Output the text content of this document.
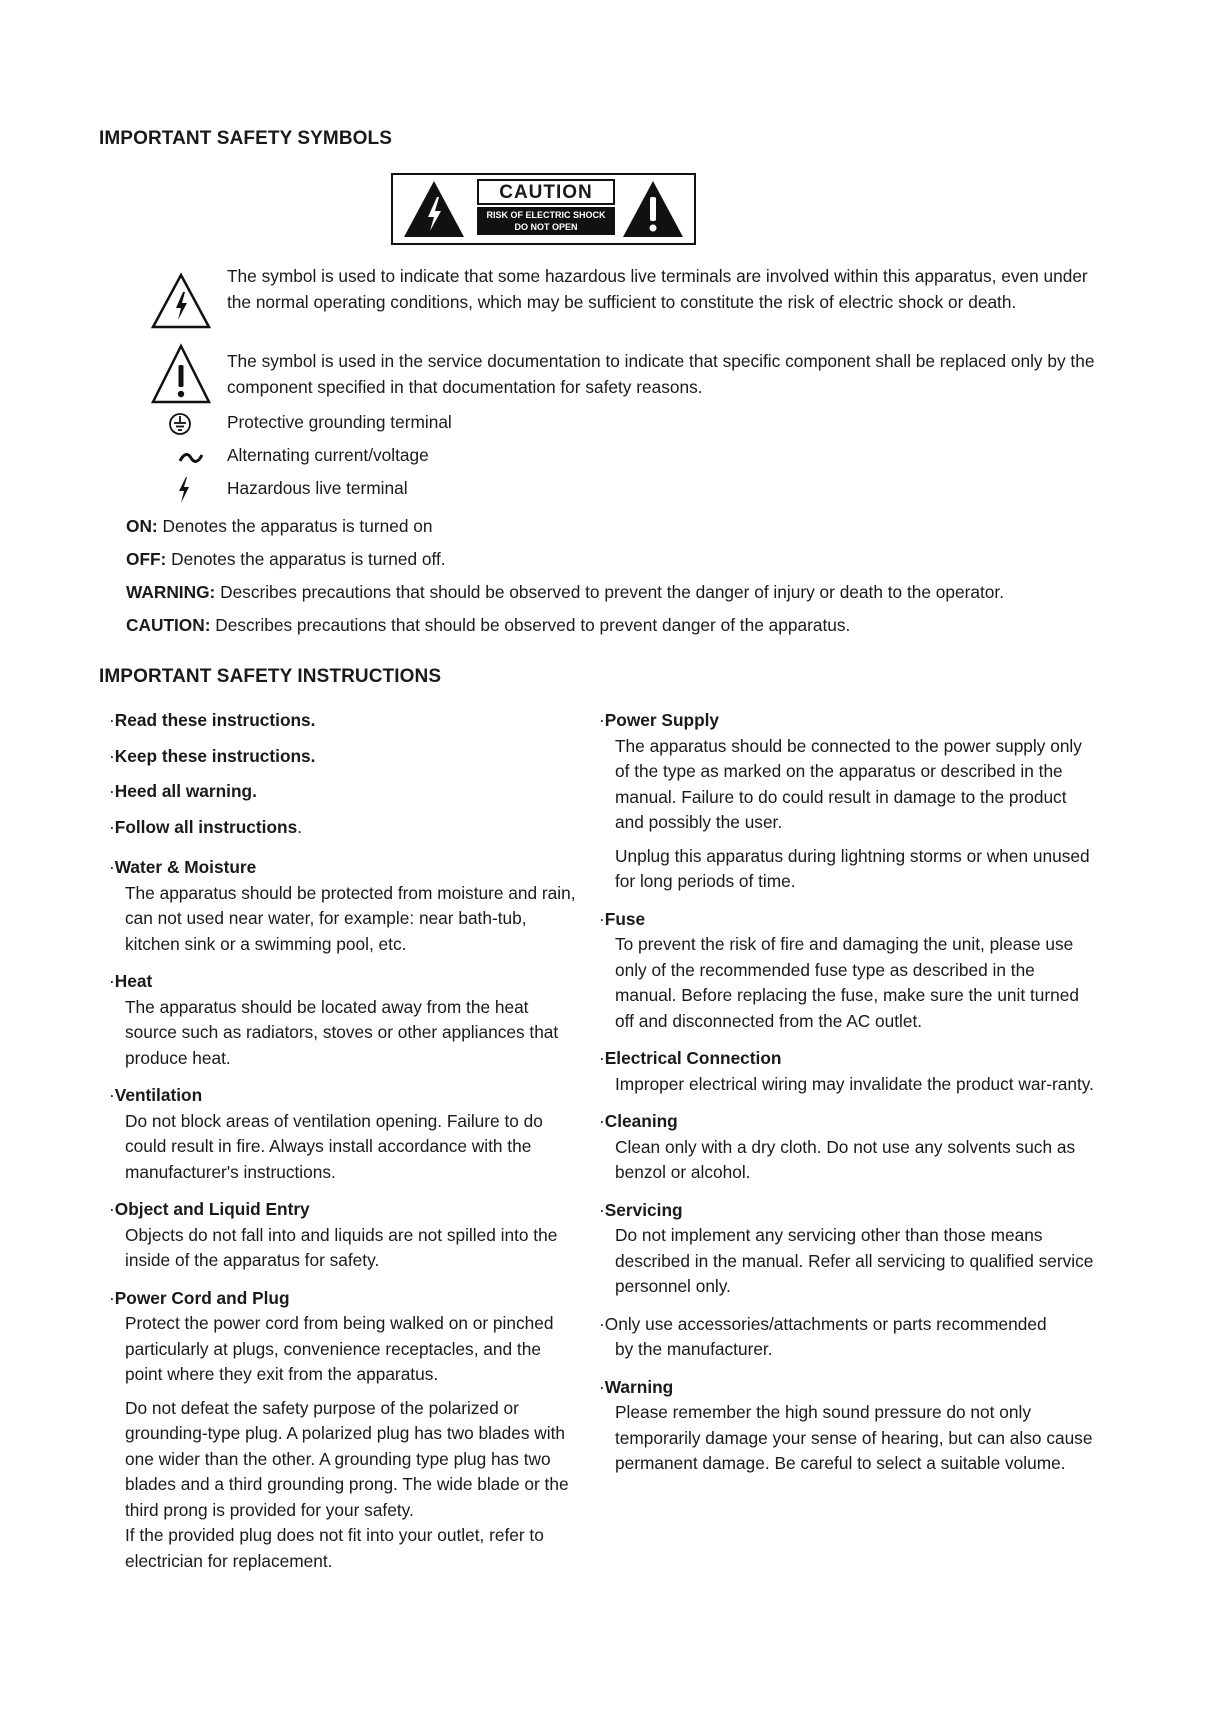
IMPORTANT SAFETY SYMBOLS
CAUTION
RISK OF ELECTRIC SHOCK
DO NOT OPEN
The symbol is used to indicate that some hazardous live terminals are involved within this apparatus, even under the normal operating conditions, which may be sufficient to constitute the risk of electric shock or death.
The symbol is used in the service documentation to indicate that specific component shall be replaced only by the component specified in that documentation for safety reasons.
Protective grounding terminal
Alternating current/voltage
Hazardous live terminal
ON: Denotes the apparatus is turned on
OFF: Denotes the apparatus is turned off.
WARNING: Describes precautions that should be observed to prevent the danger of injury or death to the operator.
CAUTION: Describes precautions that should be observed to prevent danger of the apparatus.
IMPORTANT SAFETY INSTRUCTIONS
·Read these instructions.
·Keep these instructions.
·Heed all warning.
·Follow all instructions.
·Water & Moisture

The apparatus should be protected from moisture and rain, can not used near water, for example: near bath-tub, kitchen sink or a swimming pool, etc.

·Heat

The apparatus should be located away from the heat source such as radiators, stoves or other appliances that produce heat.

·Ventilation

Do not block areas of ventilation opening. Failure to do could result in fire. Always install accordance with the manufacturer's instructions.

·Object and Liquid Entry

Objects do not fall into and liquids are not spilled into the inside of the apparatus for safety.

·Power Cord and Plug

Protect the power cord from being walked on or pinched particularly at plugs, convenience receptacles, and the point where they exit from the apparatus.

Do not defeat the safety purpose of the polarized or grounding-type plug. A polarized plug has two blades with one wider than the other. A grounding type plug has two blades and a third grounding prong. The wide blade or the third prong is provided for your safety.

If the provided plug does not fit into your outlet, refer to electrician for replacement.

·Power Supply

The apparatus should be connected to the power supply only of the type as marked on the apparatus or described in the manual. Failure to do could result in damage to the product and possibly the user.

Unplug this apparatus during lightning storms or when unused for long periods of time.

·Fuse

To prevent the risk of fire and damaging the unit, please use only of the recommended fuse type as described in the manual. Before replacing the fuse, make sure the unit turned off and disconnected from the AC outlet.

·Electrical Connection

Improper electrical wiring may invalidate the product war-ranty.

·Cleaning

Clean only with a dry cloth. Do not use any solvents such as benzol or alcohol.

·Servicing

Do not implement any servicing other than those means described in the manual. Refer all servicing to qualified service personnel only.

·Only use accessories/attachments or parts recommended

by the manufacturer.

·Warning

Please remember the high sound pressure do not only temporarily damage your sense of hearing, but can also cause permanent damage. Be careful to select a suitable volume.
